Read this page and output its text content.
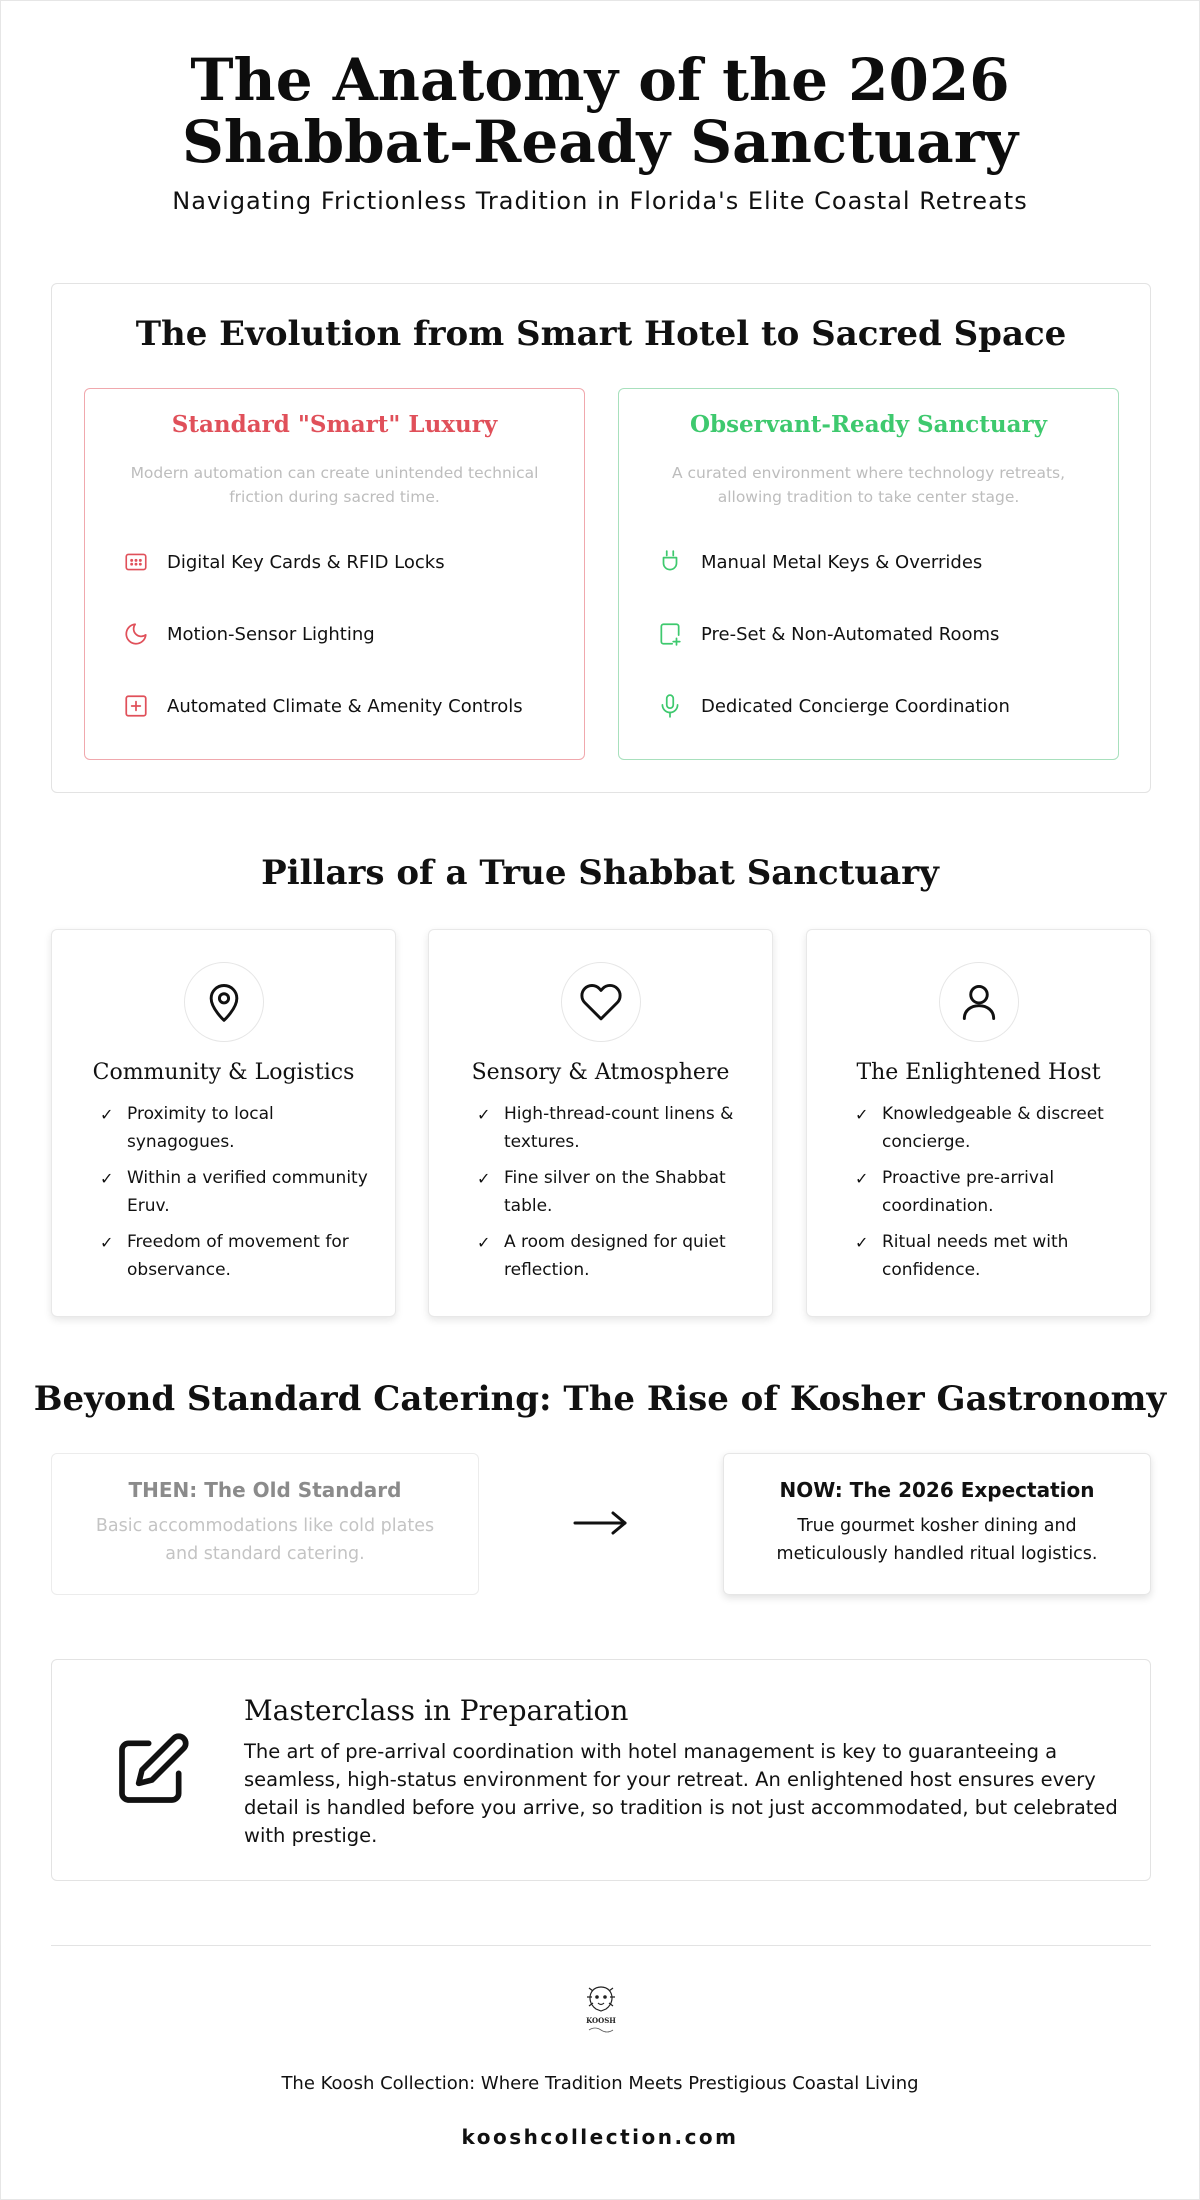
The Anatomy of the 2026 Shabbat-Ready Sanctuary
Navigating Frictionless Tradition in Florida's Elite Coastal Retreats
The Evolution from Smart Hotel to Sacred Space
Standard "Smart" Luxury
Modern automation can create unintended technical friction during sacred time.
Digital Key Cards & RFID Locks
Motion-Sensor Lighting
Automated Climate & Amenity Controls
Observant-Ready Sanctuary
A curated environment where technology retreats, allowing tradition to take center stage.
Manual Metal Keys & Overrides
Pre-Set & Non-Automated Rooms
Dedicated Concierge Coordination
Pillars of a True Shabbat Sanctuary
Community & Logistics
✓ Proximity to local synagogues.
✓ Within a verified community Eruv.
✓ Freedom of movement for observance.
Sensory & Atmosphere
✓ High-thread-count linens & textures.
✓ Fine silver on the Shabbat table.
✓ A room designed for quiet reflection.
The Enlightened Host
✓ Knowledgeable & discreet concierge.
✓ Proactive pre-arrival coordination.
✓ Ritual needs met with confidence.
Beyond Standard Catering: The Rise of Kosher Gastronomy
THEN: The Old Standard
Basic accommodations like cold plates and standard catering.
NOW: The 2026 Expectation
True gourmet kosher dining and meticulously handled ritual logistics.
Masterclass in Preparation

The art of pre-arrival coordination with hotel management is key to guaranteeing a seamless, high-status environment for your retreat. An enlightened host ensures every detail is handled before you arrive, so tradition is not just accommodated, but celebrated with prestige.

KOOSH
The Koosh Collection: Where Tradition Meets Prestigious Coastal Living
kooshcollection.com
